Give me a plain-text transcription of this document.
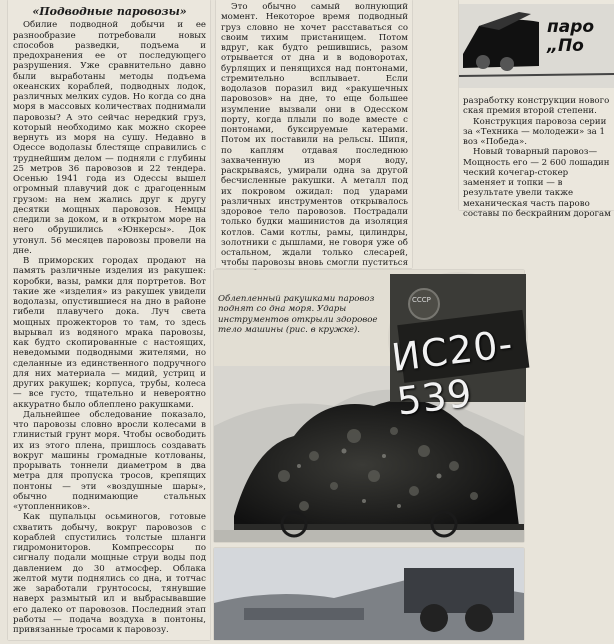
«Подводные паровозы»

Обилие подводной добычи и ее разнообразие потребовали новых способов разведки, подъема и предохранения ее от последующего разрушения. Уже сравнительно давно были выработаны методы подъема океанских кораблей, подводных лодок, различных мелких судов. Но когда со дна моря в массовых количествах поднимали паровозы? А это сейчас нередкий груз, который необходимо как можно скорее вернуть из моря на сушу. Недавно в Одессе водолазы блестяще справились с труднейшим делом — подняли с глубины 25 метров 36 паровозов и 22 тендера. Осенью 1941 года из Одессы вышел огромный плавучий док с драгоценным грузом: на нем жались друг к другу десятки мощных паровозов. Немцы следили за доком, и в открытом море на него обрушились «Юнкерсы». Док утонул. 56 месяцев паровозы провели на дне.

В приморских городах продают на память различные изделия из ракушек: коробки, вазы, рамки для портретов. Вот такие же «изделия» из ракушек увидели водолазы, опустившиеся на дно в районе гибели плавучего дока. Луч света мощных прожекторов то там, то здесь вырывал из водяного мрака паровозы, как будто скопированные с настоящих, неведомыми подводными жителями, но сделанные из единственного подручного для них материала — мидий, устриц и других ракушек; корпуса, трубы, колеса — все густо, тщательно и невероятно аккуратно было облеплено ракушками.

Дальнейшее обследование показало, что паровозы словно вросли колесами в глинистый грунт моря. Чтобы освободить их из этого плена, пришлось создавать вокруг машины громадные котлованы, прорывать тоннели диаметром в два метра для пропуска тросов, крепящих понтоны — эти «воздушные шары», обычно поднимающие стальных «утопленников».

Как щупальцы осьминогов, готовые схватить добычу, вокруг паровозов с кораблей спустились толстые шланги гидромониторов. Компрессоры по сигналу подали мощные струи воды под давлением до 30 атмосфер. Облака желтой мути поднялись со дна, и тотчас же заработали грунтососы, тянувшие наверх размытый ил и выбрасывавшие его далеко от паровозов. Последний этап работы — подача воздуха в понтоны, привязанные тросами к паровозу.

Это обычно самый волнующий момент. Некоторое время подводный груз словно не хочет расставаться со своим тихим пристанищем. Потом вдруг, как будто решившись, разом отрывается от дна и в водоворотах, бурлящих и пенящихся над понтонами, стремительно всплывает. Если водолазов поразил вид «ракушечных паровозов» на дне, то еще большее изумление вызвали они в Одесском порту, когда плыли по воде вместе с понтонами, буксируемые катерами. Потом их поставили на рельсы. Шипя, по каплям отдавая последнюю захваченную из моря воду, раскрываясь, умирали одна за другой бесчисленные ракушки. А металл под их покровом ожидал: под ударами различных инструментов открывалось здоровое тело паровозов. Пострадали только будки машинистов да изоляция котлов. Сами котлы, рамы, цилиндры, золотники с дышлами, не говоря уже об остальном, ждали только слесарей, чтобы паровозы вновь смогли пуститься

Облепленный ракушками паровоз поднят со дна моря. Удары инструментов открыли здоровое тело машины (рис. в кружке).
СССР
ИС20-539
паро
„По

разработку конструкции нового ская премия второй степени.

Конструкция паровоза серии за «Техника — молодежи» за 1 воз «Победа».

Новый товарный паровоз— Мощность его — 2 600 лошадин ческий кочегар-стокер заменяет и топки — в результате увели также механическая часть парово составы по бескрайним дорогам
